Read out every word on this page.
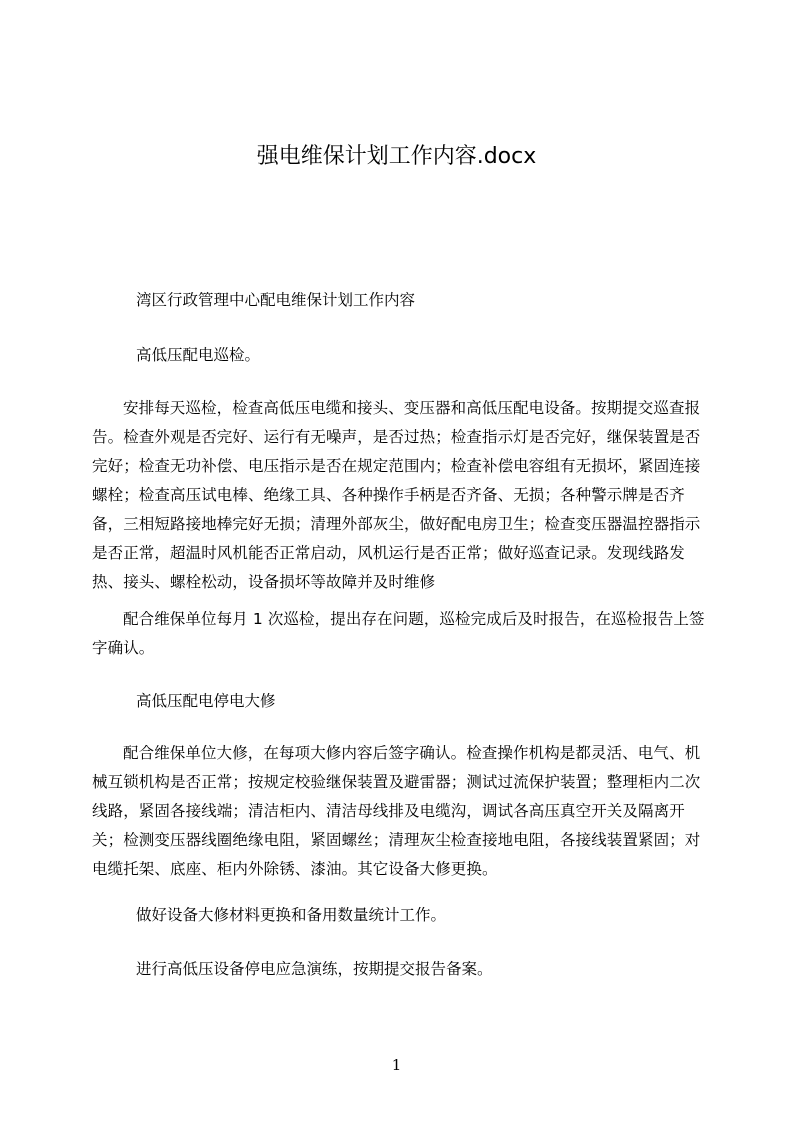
强电维保计划工作内容.docx

湾区行政管理中心配电维保计划工作内容

高低压配电巡检。

安排每天巡检，检查高低压电缆和接头、变压器和高低压配电设备。按期提交巡查报告。检查外观是否完好、运行有无噪声，是否过热；检查指示灯是否完好，继保装置是否完好；检查无功补偿、电压指示是否在规定范围内；检查补偿电容组有无损坏，紧固连接螺栓；检查高压试电棒、绝缘工具、各种操作手柄是否齐备、无损；各种警示牌是否齐备，三相短路接地棒完好无损；清理外部灰尘，做好配电房卫生；检查变压器温控器指示是否正常，超温时风机能否正常启动，风机运行是否正常；做好巡查记录。发现线路发热、接头、螺栓松动，设备损坏等故障并及时维修

配合维保单位每月 1 次巡检，提出存在问题，巡检完成后及时报告，在巡检报告上签字确认。

高低压配电停电大修

配合维保单位大修，在每项大修内容后签字确认。检查操作机构是都灵活、电气、机械互锁机构是否正常；按规定校验继保装置及避雷器；测试过流保护装置；整理柜内二次线路，紧固各接线端；清洁柜内、清洁母线排及电缆沟，调试各高压真空开关及隔离开关；检测变压器线圈绝缘电阻，紧固螺丝；清理灰尘检查接地电阻，各接线装置紧固；对电缆托架、底座、柜内外除锈、漆油。其它设备大修更换。

做好设备大修材料更换和备用数量统计工作。

进行高低压设备停电应急演练，按期提交报告备案。

1
